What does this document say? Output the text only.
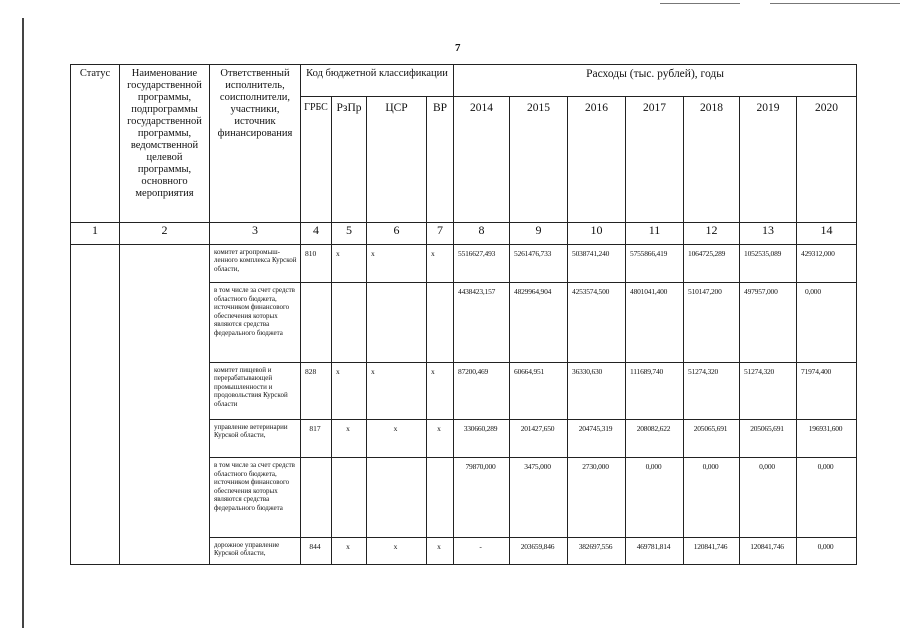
7
Статус	Наименование государственной программы, подпрограммы государственной программы, ведомственной целевой программы, основного мероприятия	Ответственный исполнитель, соисполнители, участники, источник финансирования	Код бюджетной классификации				Расходы (тыс. рублей), годы						
			ГРБС	РзПр	ЦСР	ВР	2014	2015	2016	2017	2018	2019	2020
1	2	3	4	5	6	7	8	9	10	11	12	13	14
		комитет агропромыш-ленного комплекса Курской области,	810	х	х	х	5516627,493	5261476,733	5038741,240	5755866,419	1064725,289	1052535,089	429312,000
		в том числе за счет средств областного бюджета, источником финансового обеспечения которых являются средства федерального бюджета					4438423,157	4829964,904	4253574,500	4801041,400	510147,200	497957,000	0,000
		комитет пищевой и перерабатывающей промышленности и продовольствия Курской области	828	х	х	х	87200,469	60664,951	36330,630	111689,740	51274,320	51274,320	71974,400
		управление ветеринарии Курской области,	817	х	х	х	330660,289	201427,650	204745,319	208082,622	205065,691	205065,691	196931,600
		в том числе за счет средств областного бюджета, источником финансового обеспечения которых являются средства федерального бюджета					79870,000	3475,000	2730,000	0,000	0,000	0,000	0,000
		дорожное управление Курской области,	844	х	х	х	-	203659,846	382697,556	469781,814	120841,746	120841,746	0,000
